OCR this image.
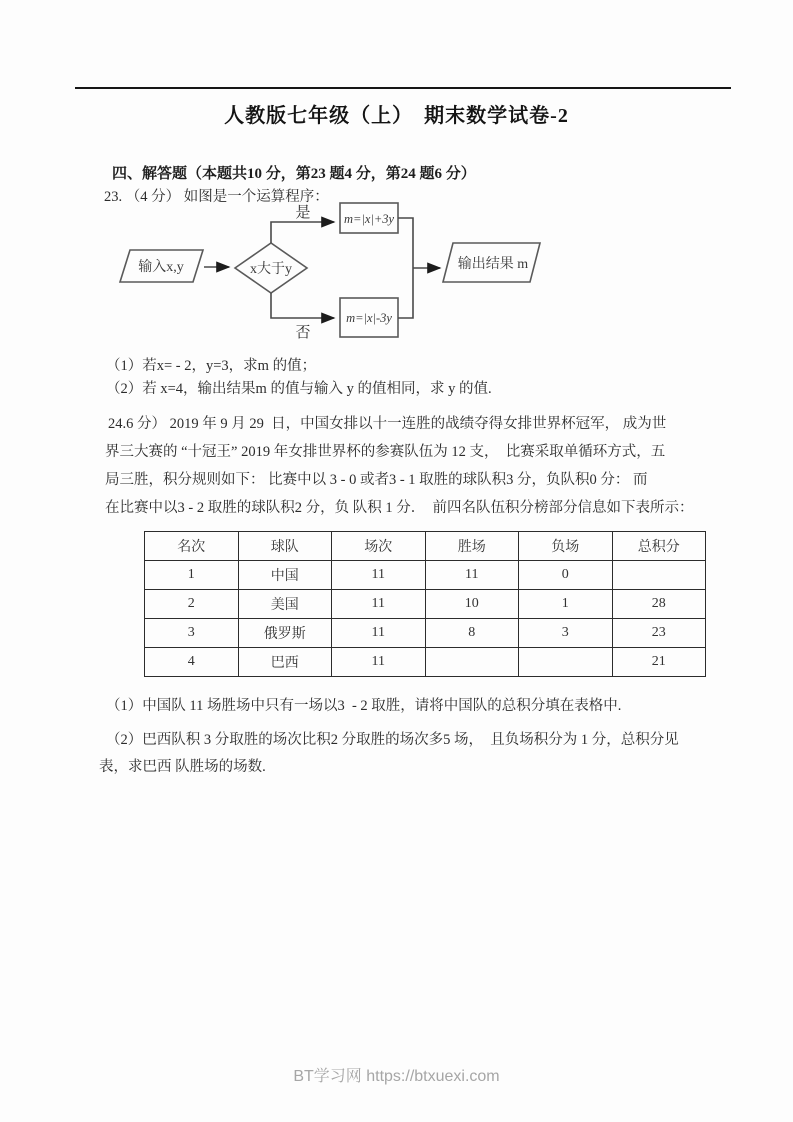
人教版七年级（上）　期末数学试卷-2
四、解答题（本题共10 分，第23 题4 分，第24 题6 分）
23. （4 分） 如图是一个运算程序：
输入x,y	x大于y
是	m=|x|+3y
否
m=|x|-3y
输出结果 m
（1）若x= - 2，y=3，求m 的值；
（2）若 x=4，输出结果m 的值与输入 y 的值相同，求 y 的值.
24.6 分） 2019 年 9 月 29  日，中国女排以十一连胜的战绩夺得女排世界杯冠军， 成为世
界三大赛的 “十冠王” 2019 年女排世界杯的参赛队伍为 12 支，  比赛采取单循环方式，五
局三胜，积分规则如下： 比赛中以 3 - 0 或者3 - 1 取胜的球队积3 分，负队积0 分： 而
在比赛中以3 - 2 取胜的球队积2 分，负 队积 1 分．  前四名队伍积分榜部分信息如下表所示：
名次	球队	场次	胜场	负场	总积分
1	中国	11	11	0	
2	美国	11	10	1	28
3	俄罗斯	11	8	3	23
4	巴西	11			21
（1）中国队 11 场胜场中只有一场以3  - 2 取胜，请将中国队的总积分填在表格中.
（2）巴西队积 3 分取胜的场次比积2 分取胜的场次多5 场，  且负场积分为 1 分，总积分见
表，求巴西 队胜场的场数.
BT学习网 https://btxuexi.com
